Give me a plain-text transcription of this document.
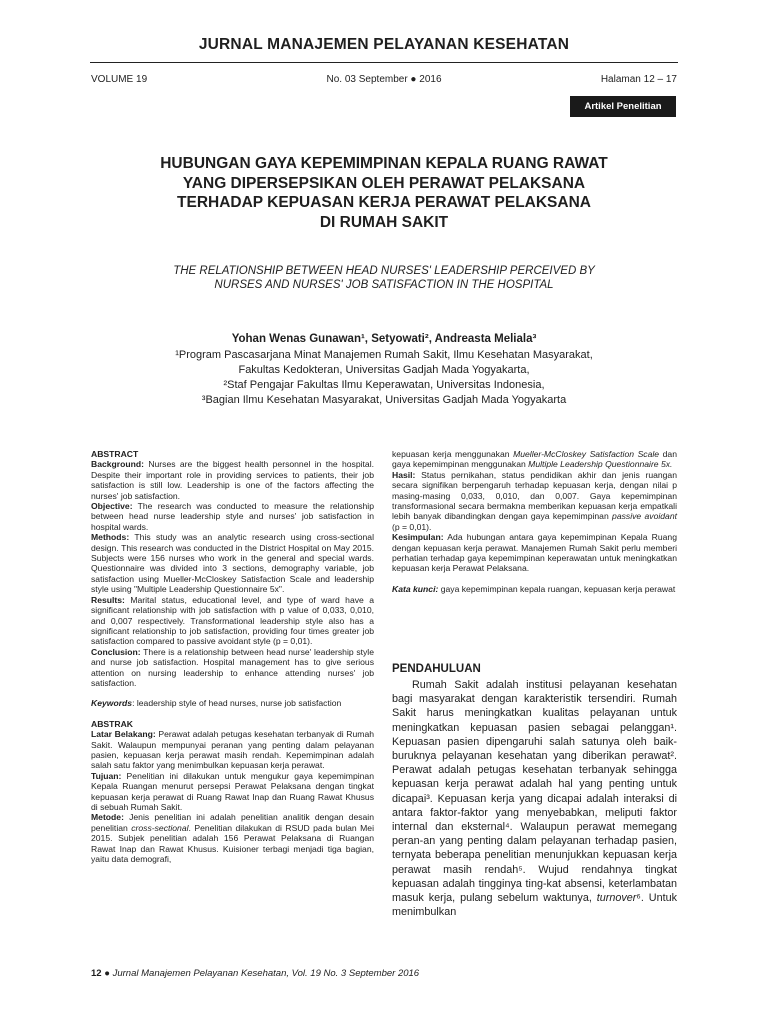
JURNAL MANAJEMEN PELAYANAN KESEHATAN
VOLUME 19	No. 03 September ● 2016	Halaman 12 – 17
Artikel Penelitian
HUBUNGAN GAYA KEPEMIMPINAN KEPALA RUANG RAWAT
YANG DIPERSEPSIKAN OLEH PERAWAT PELAKSANA
TERHADAP KEPUASAN KERJA PERAWAT PELAKSANA
DI RUMAH SAKIT
THE RELATIONSHIP BETWEEN HEAD NURSES' LEADERSHIP PERCEIVED BY
NURSES AND NURSES' JOB SATISFACTION IN THE HOSPITAL
Yohan Wenas Gunawan¹, Setyowati², Andreasta Meliala³
¹Program Pascasarjana Minat Manajemen Rumah Sakit, Ilmu Kesehatan Masyarakat,
Fakultas Kedokteran, Universitas Gadjah Mada Yogyakarta,
²Staf Pengajar Fakultas Ilmu Keperawatan, Universitas Indonesia,
³Bagian Ilmu Kesehatan Masyarakat, Universitas Gadjah Mada Yogyakarta

ABSTRACT

Background: Nurses are the biggest health personnel in the hospital. Despite their important role in providing services to patients, their job satisfaction is still low. Leadership is one of the factors affecting the nurses' job satisfaction.

Objective: The research was conducted to measure the relationship between head nurse leadership style and nurses' job satisfaction in hospital wards.

Methods: This study was an analytic research using cross-sectional design. This research was conducted in the District Hospital on May 2015. Subjects were 156 nurses who work in the general and special wards. Questionnaire was divided into 3 sections, demography variable, job satisfaction using Mueller-McCloskey Satisfaction Scale and leadership style using "Multiple Leadership Questionnaire 5x".

Results: Marital status, educational level, and type of ward have a significant relationship with job satisfaction with p value of 0,033, 0,010, and 0,007 respectively. Transformational leadership style also has a significant relationship to job satisfaction, providing four times greater job satisfaction compared to passive avoidant style (p = 0,01).

Conclusion: There is a relationship between head nurse' leadership style and nurse job satisfaction. Hospital management has to give serious attention on nursing leadership to enhance attending nurses' job satisfaction.

Keywords: leadership style of head nurses, nurse job satisfaction

ABSTRAK

Latar Belakang: Perawat adalah petugas kesehatan terbanyak di Rumah Sakit. Walaupun mempunyai peranan yang penting dalam pelayanan pasien, kepuasan kerja perawat masih rendah. Kepemimpinan adalah salah satu faktor yang menimbulkan kepuasan kerja perawat.

Tujuan: Penelitian ini dilakukan untuk mengukur gaya kepemimpinan Kepala Ruangan menurut persepsi Perawat Pelaksana dengan tingkat kepuasan kerja perawat di Ruang Rawat Inap dan Ruang Rawat Khusus di sebuah Rumah Sakit.

Metode: Jenis penelitian ini adalah penelitian analitik dengan desain penelitian cross-sectional. Penelitian dilakukan di RSUD pada bulan Mei 2015. Subjek penelitian adalah 156 Perawat Pelaksana di Ruangan Rawat Inap dan Rawat Khusus. Kuisioner terbagi menjadi tiga bagian, yaitu data demografi,

kepuasan kerja menggunakan Mueller-McCloskey Satisfaction Scale dan gaya kepemimpinan menggunakan Multiple Leadership Questionnaire 5x.

Hasil: Status pernikahan, status pendidikan akhir dan jenis ruangan secara signifikan berpengaruh terhadap kepuasan kerja, dengan nilai p masing-masing 0,033, 0,010, dan 0,007. Gaya kepemimpinan transformasional secara bermakna memberikan kepuasan kerja empatkali lebih banyak dibandingkan dengan gaya kepemimpinan passive avoidant (p = 0,01).

Kesimpulan: Ada hubungan antara gaya kepemimpinan Kepala Ruang dengan kepuasan kerja perawat. Manajemen Rumah Sakit perlu memberi perhatian terhadap gaya kepemimpinan keperawatan untuk meningkatkan kepuasan kerja Perawat Pelaksana.

Kata kunci: gaya kepemimpinan kepala ruangan, kepuasan kerja perawat

PENDAHULUAN

Rumah Sakit adalah institusi pelayanan kesehatan bagi masyarakat dengan karakteristik tersendiri. Rumah Sakit harus meningkatkan kualitas pelayanan untuk meningkatkan kepuasan pasien sebagai pelanggan¹. Kepuasan pasien dipengaruhi salah satunya oleh baik-buruknya pelayanan kesehatan yang diberikan perawat². Perawat adalah petugas kesehatan terbanyak sehingga kepuasan kerja perawat adalah hal yang penting untuk dicapai³. Kepuasan kerja yang dicapai adalah interaksi di antara faktor-faktor yang menyebabkan, meliputi faktor internal dan eksternal⁴. Walaupun perawat memegang peran-an yang penting dalam pelayanan terhadap pasien, ternyata beberapa penelitian menunjukkan kepuasan kerja perawat masih rendah⁵. Wujud rendahnya tingkat kepuasan adalah tingginya ting-kat absensi, keterlambatan masuk kerja, pulang sebelum waktunya, turnover⁶. Untuk menimbulkan

12 ● Jurnal Manajemen Pelayanan Kesehatan, Vol. 19 No. 3 September 2016
